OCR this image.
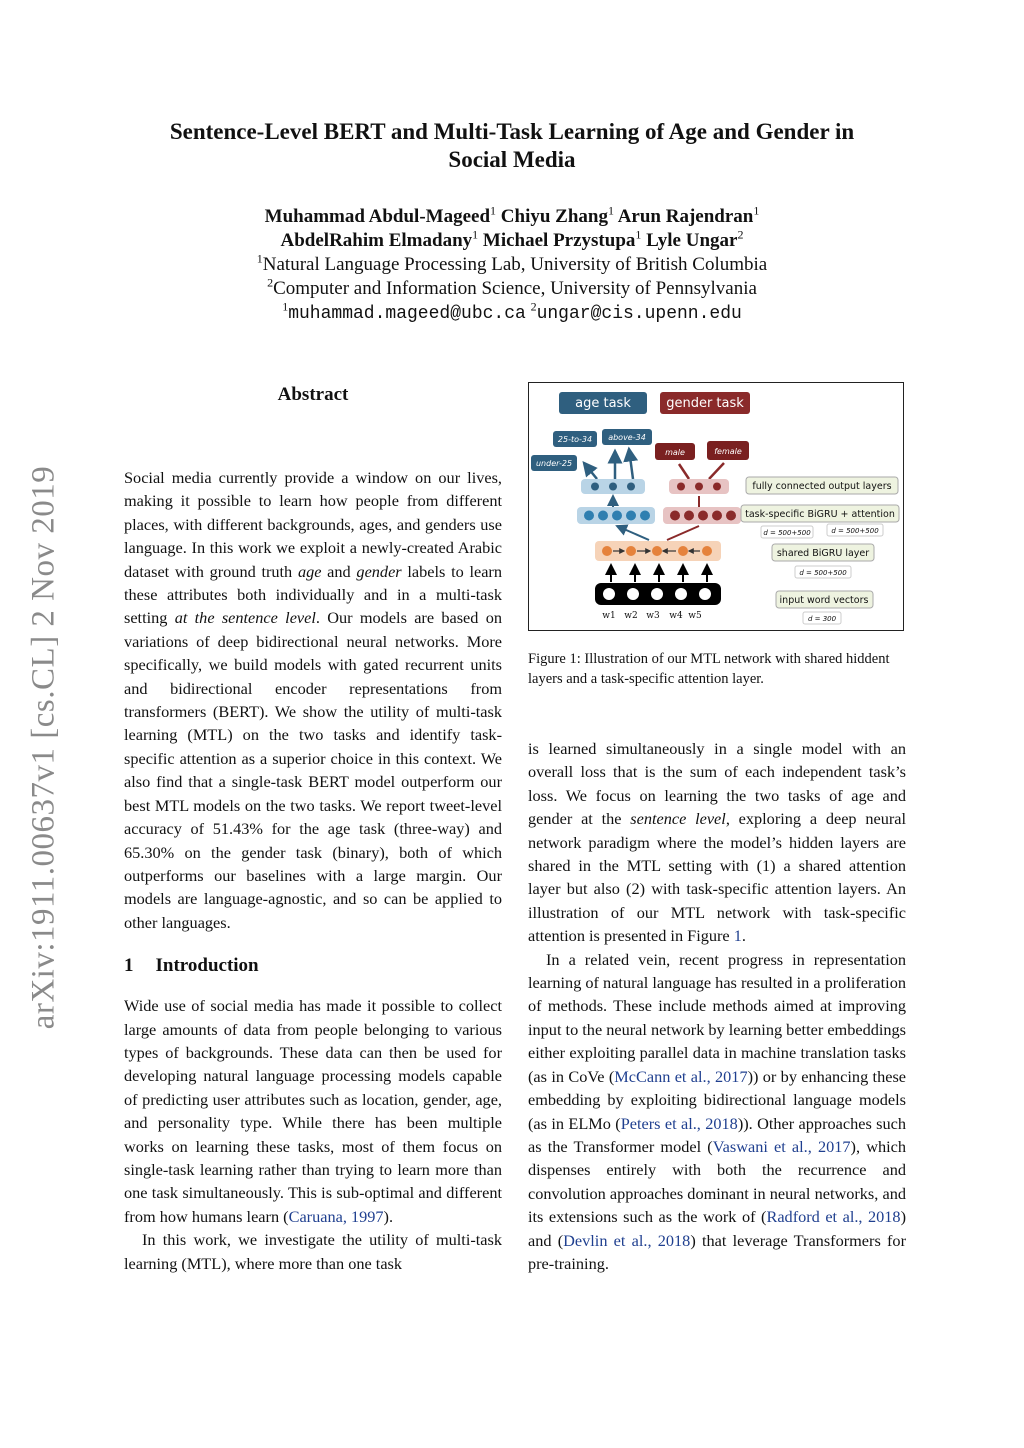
arXiv:1911.00637v1 [cs.CL] 2 Nov 2019
Sentence-Level BERT and Multi-Task Learning of Age and Gender in
Social Media
Muhammad Abdul-Mageed$^1$ Chiyu Zhang$^1$ Arun Rajendran$^1$
AbdelRahim Elmadany$^1$ Michael Przystupa$^1$ Lyle Ungar$^2$
$^1$Natural Language Processing Lab, University of British Columbia
$^2$Computer and Information Science, University of Pennsylvania
$^1$muhammad.mageed@ubc.ca $^2$ungar@cis.upenn.edu
Abstract

Social media currently provide a window on our lives, making it possible to learn how people from different places, with different backgrounds, ages, and genders use language. In this work we exploit a newly-created Arabic dataset with ground truth age and gender labels to learn these attributes both individually and in a multi-task setting at the sentence level. Our models are based on variations of deep bidirectional neural networks. More specifically, we build models with gated recurrent units and bidirectional encoder representations from transformers (BERT). We show the utility of multi-task learning (MTL) on the two tasks and identify task-specific attention as a superior choice in this context. We also find that a single-task BERT model outperform our best MTL models on the two tasks. We report tweet-level accuracy of 51.43% for the age task (three-way) and 65.30% on the gender task (binary), both of which outperforms our baselines with a large margin. Our models are language-agnostic, and so can be applied to other languages.

1 Introduction

Wide use of social media has made it possible to collect large amounts of data from people belonging to various types of backgrounds. These data can then be used for developing natural language processing models capable of predicting user attributes such as location, gender, age, and personality type. While there has been multiple works on learning these tasks, most of them focus on single-task learning rather than trying to learn more than one task simultaneously. This is sub-optimal and different from how humans learn (Caruana, 1997).

In this work, we investigate the utility of multi-task learning (MTL), where more than one task

age task	gender task
25-to-34 above-34
under-25
male	female
w1 w2 w3 w4 w5
fully connected output layers
task-specific BiGRU + attention
d = 500+500	d = 500+500
shared BiGRU layer
d = 500+500
input word vectors
d = 300
Figure 1: Illustration of our MTL network with shared hiddent layers and a task-specific attention layer.

is learned simultaneously in a single model with an overall loss that is the sum of each independent task’s loss. We focus on learning the two tasks of age and gender at the sentence level, exploring a deep neural network paradigm where the model’s hidden layers are shared in the MTL setting with (1) a shared attention layer but also (2) with task-specific attention layers. An illustration of our MTL network with task-specific attention is presented in Figure 1.

In a related vein, recent progress in representation learning of natural language has resulted in a proliferation of methods. These include methods aimed at improving input to the neural network by learning better embeddings either exploiting parallel data in machine translation tasks (as in CoVe (McCann et al., 2017)) or by enhancing these embedding by exploiting bidirectional language models (as in ELMo (Peters et al., 2018)). Other approaches such as the Transformer model (Vaswani et al., 2017), which dispenses entirely with both the recurrence and convolution approaches dominant in neural networks, and its extensions such as the work of (Radford et al., 2018) and (Devlin et al., 2018) that leverage Transformers for pre-training.
